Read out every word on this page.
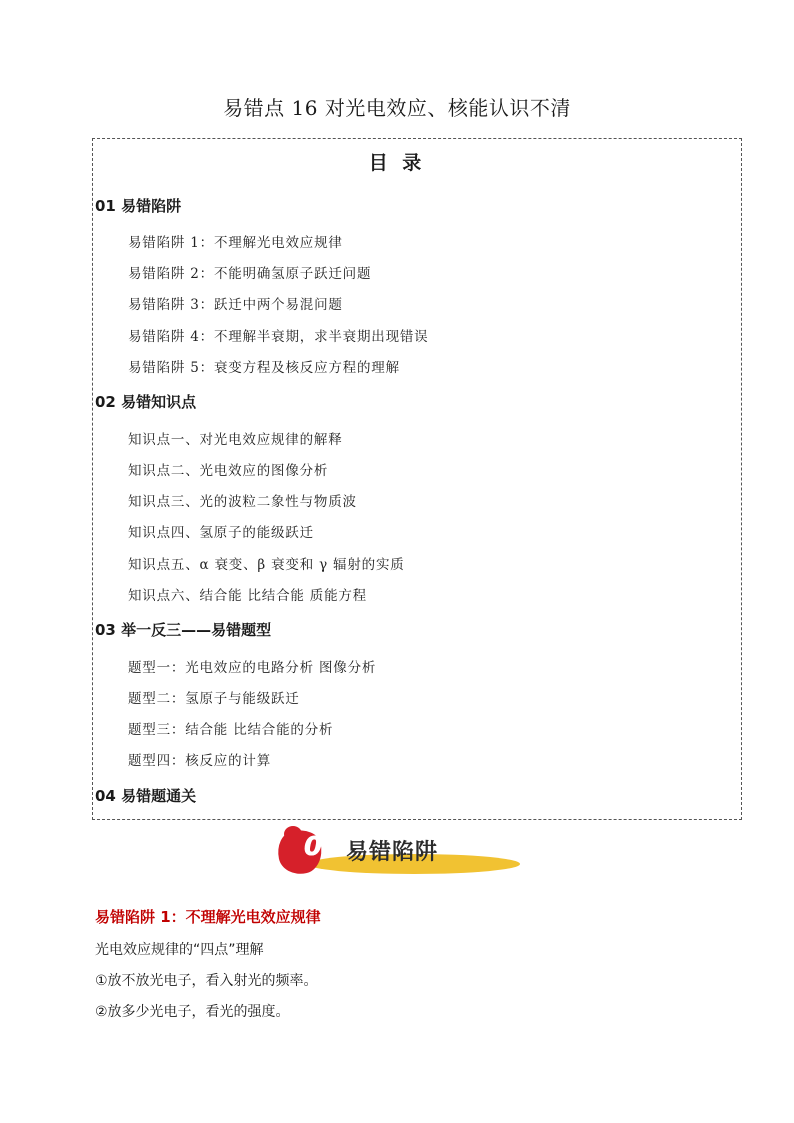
易错点 16 对光电效应、核能认识不清
目 录
01 易错陷阱
易错陷阱 1：不理解光电效应规律
易错陷阱 2：不能明确氢原子跃迁问题
易错陷阱 3：跃迁中两个易混问题
易错陷阱 4：不理解半衰期，求半衰期出现错误
易错陷阱 5：衰变方程及核反应方程的理解
02 易错知识点
知识点一、对光电效应规律的解释
知识点二、光电效应的图像分析
知识点三、光的波粒二象性与物质波
知识点四、氢原子的能级跃迁
知识点五、α 衰变、β 衰变和 γ 辐射的实质
知识点六、结合能 比结合能 质能方程
03 举一反三——易错题型
题型一：光电效应的电路分析 图像分析
题型二：氢原子与能级跃迁
题型三：结合能 比结合能的分析
题型四：核反应的计算
04 易错题通关
01 易错陷阱
易错陷阱 1：不理解光电效应规律
光电效应规律的“四点”理解
①放不放光电子，看入射光的频率。
②放多少光电子，看光的强度。
